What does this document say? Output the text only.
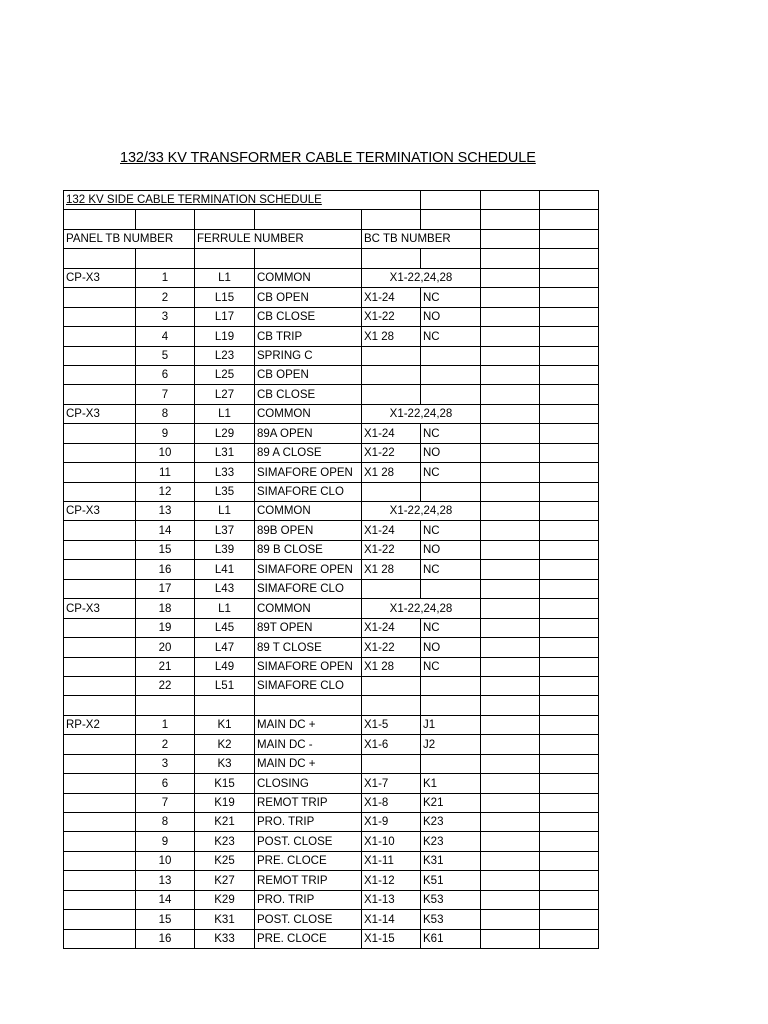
132/33 KV TRANSFORMER CABLE TERMINATION SCHEDULE
132 KV SIDE CABLE TERMINATION SCHEDULE							

PANEL TB NUMBER		FERRULE NUMBER		BC TB NUMBER			

CP-X3	1	L1	COMMON	X1-22,24,28			
	2	L15	CB OPEN	X1-24	NC		
	3	L17	CB CLOSE	X1-22	NO		
	4	L19	CB TRIP	X1 28	NC		
	5	L23	SPRING C				
	6	L25	CB OPEN				
	7	L27	CB CLOSE				
CP-X3	8	L1	COMMON	X1-22,24,28			
	9	L29	89A OPEN	X1-24	NC		
	10	L31	89 A CLOSE	X1-22	NO		
	11	L33	SIMAFORE OPEN	X1 28	NC		
	12	L35	SIMAFORE CLO				
CP-X3	13	L1	COMMON	X1-22,24,28			
	14	L37	89B OPEN	X1-24	NC		
	15	L39	89 B CLOSE	X1-22	NO		
	16	L41	SIMAFORE OPEN	X1 28	NC		
	17	L43	SIMAFORE CLO				
CP-X3	18	L1	COMMON	X1-22,24,28			
	19	L45	89T OPEN	X1-24	NC		
	20	L47	89 T CLOSE	X1-22	NO		
	21	L49	SIMAFORE OPEN	X1 28	NC		
	22	L51	SIMAFORE CLO				

RP-X2	1	K1	MAIN DC +	X1-5	J1		
	2	K2	MAIN DC -	X1-6	J2		
	3	K3	MAIN DC +				
	6	K15	CLOSING	X1-7	K1		
	7	K19	REMOT TRIP	X1-8	K21		
	8	K21	PRO. TRIP	X1-9	K23		
	9	K23	POST. CLOSE	X1-10	K23		
	10	K25	PRE. CLOCE	X1-11	K31		
	13	K27	REMOT TRIP	X1-12	K51		
	14	K29	PRO. TRIP	X1-13	K53		
	15	K31	POST. CLOSE	X1-14	K53		
	16	K33	PRE. CLOCE	X1-15	K61		
